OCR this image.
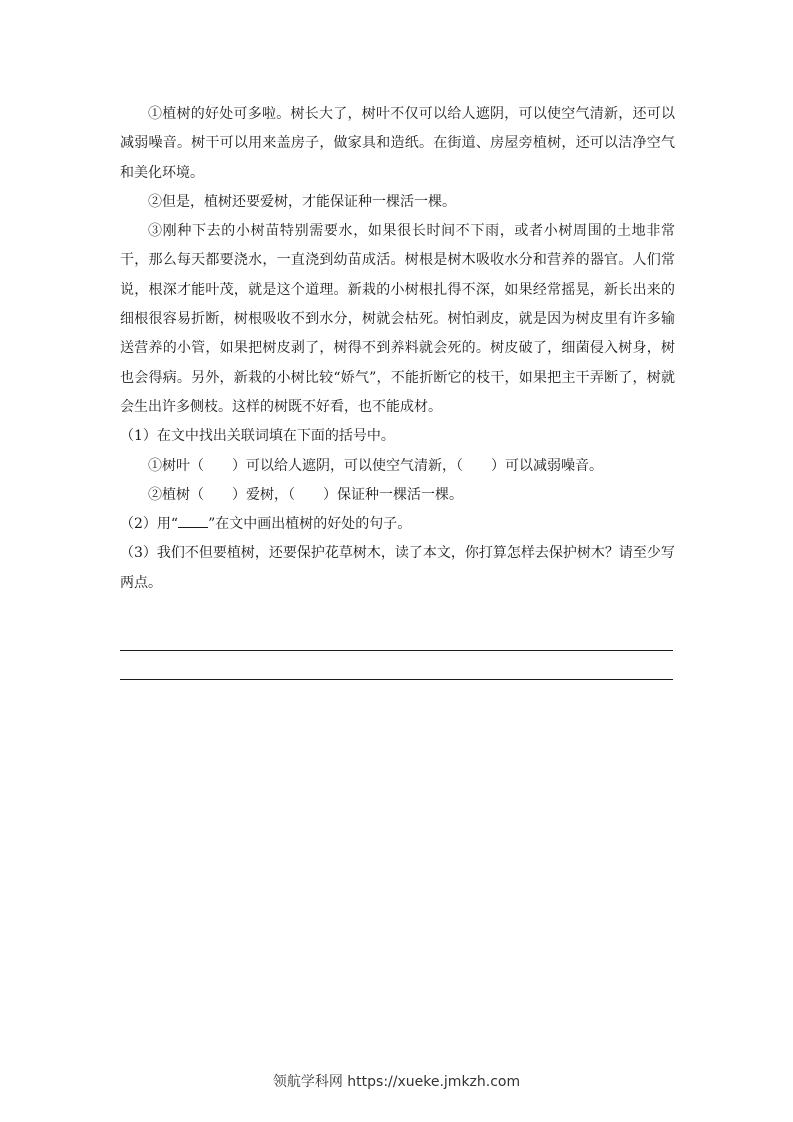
①植树的好处可多啦。树长大了，树叶不仅可以给人遮阴，可以使空气清新，还可以减弱噪音。树干可以用来盖房子，做家具和造纸。在街道、房屋旁植树，还可以洁净空气和美化环境。

②但是，植树还要爱树，才能保证种一棵活一棵。

③刚种下去的小树苗特别需要水，如果很长时间不下雨，或者小树周围的土地非常干，那么每天都要浇水，一直浇到幼苗成活。树根是树木吸收水分和营养的器官。人们常说，根深才能叶茂，就是这个道理。新栽的小树根扎得不深，如果经常摇晃，新长出来的细根很容易折断，树根吸收不到水分，树就会枯死。树怕剥皮，就是因为树皮里有许多输送营养的小管，如果把树皮剥了，树得不到养料就会死的。树皮破了，细菌侵入树身，树也会得病。另外，新栽的小树比较“娇气”，不能折断它的枝干，如果把主干弄断了，树就会生出许多侧枝。这样的树既不好看，也不能成材。

（1）在文中找出关联词填在下面的括号中。

①树叶（　　）可以给人遮阴，可以使空气清新，（　　）可以减弱噪音。

②植树（　　）爱树，（　　）保证种一棵活一棵。

（2）用“ ”在文中画出植树的好处的句子。

（3）我们不但要植树，还要保护花草树木，读了本文，你打算怎样去保护树木？请至少写两点。

领航学科网 https://xueke.jmkzh.com
